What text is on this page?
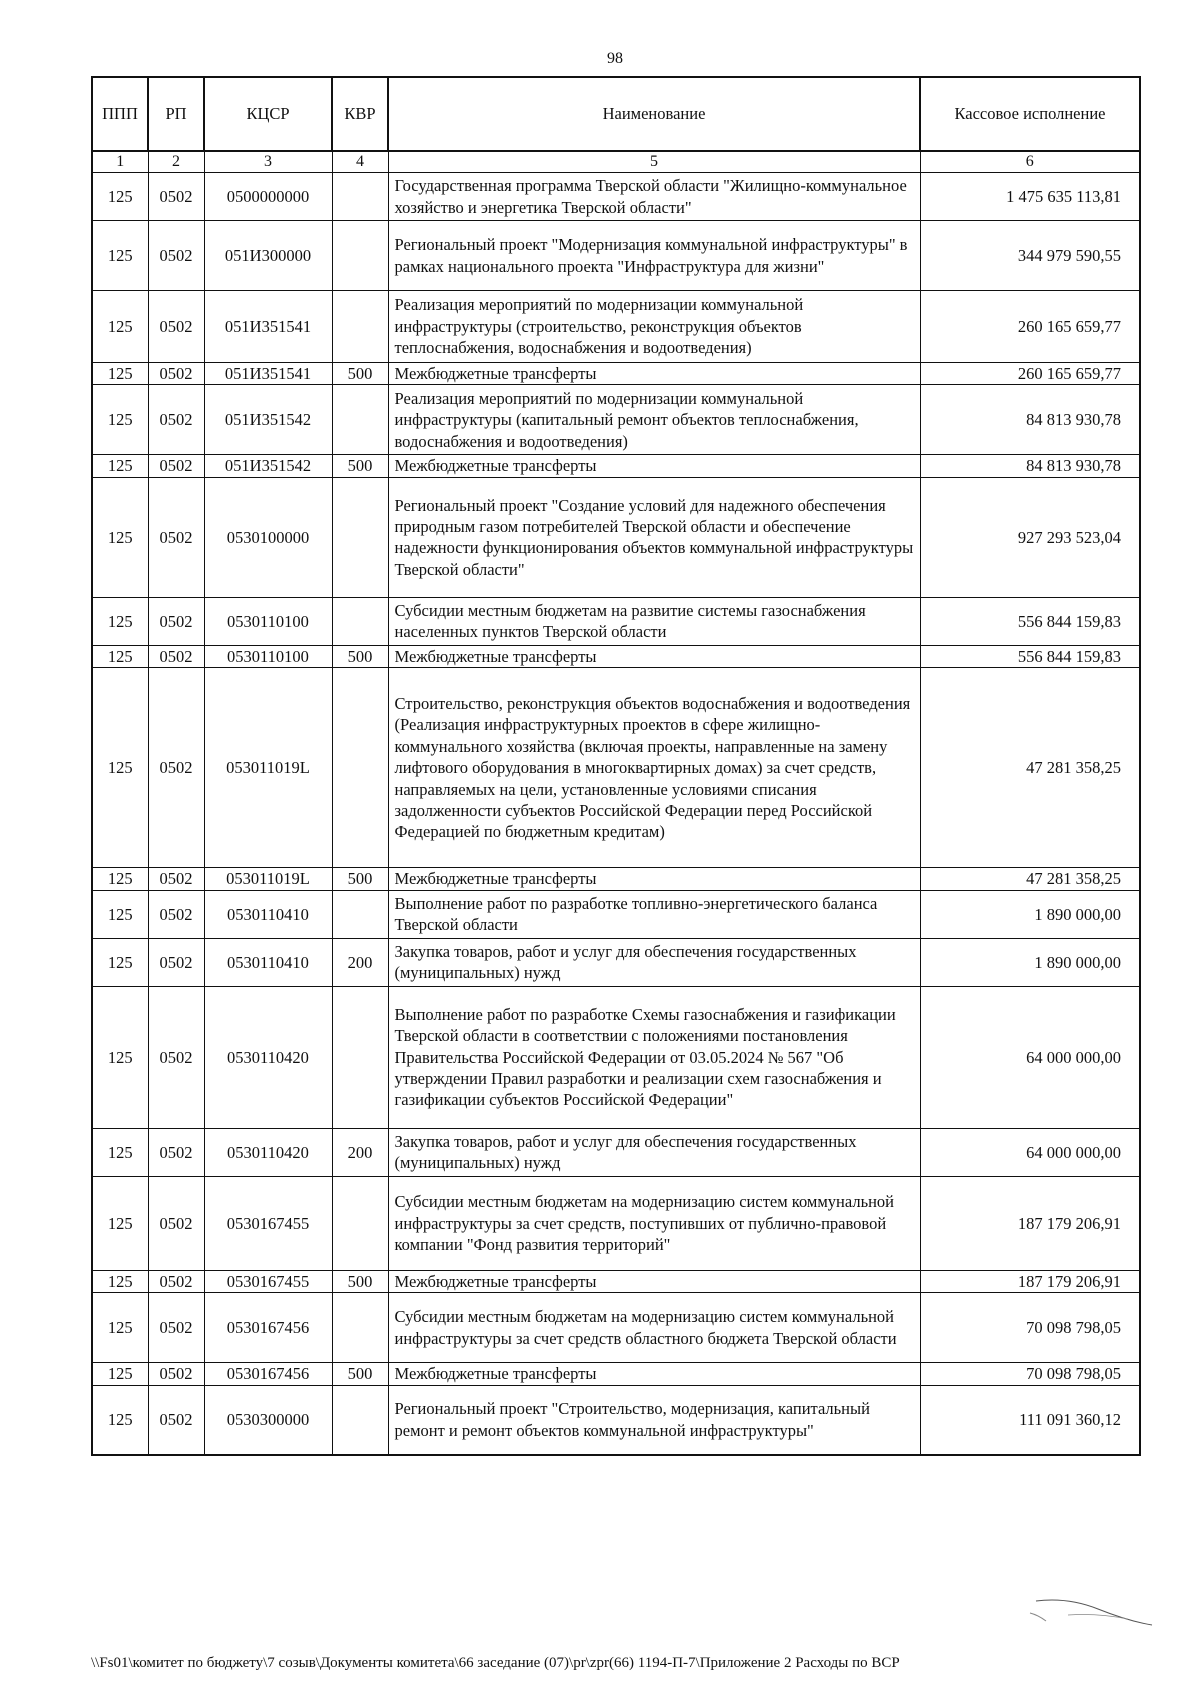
98
ППП	РП	КЦСР	КВР	Наименование	Кассовое исполнение
1	2	3	4	5	6
125	0502	0500000000		Государственная программа Тверской области "Жилищно-коммунальное хозяйство и энергетика Тверской области"	1 475 635 113,81
125	0502	051И300000		Региональный проект "Модернизация коммунальной инфраструктуры" в рамках национального проекта "Инфраструктура для жизни"	344 979 590,55
125	0502	051И351541		Реализация мероприятий по модернизации коммунальной инфраструктуры (строительство, реконструкция объектов теплоснабжения, водоснабжения и водоотведения)	260 165 659,77
125	0502	051И351541	500	Межбюджетные трансферты	260 165 659,77
125	0502	051И351542		Реализация мероприятий по модернизации коммунальной инфраструктуры (капитальный ремонт объектов теплоснабжения, водоснабжения и водоотведения)	84 813 930,78
125	0502	051И351542	500	Межбюджетные трансферты	84 813 930,78
125	0502	0530100000		Региональный проект "Создание условий для надежного обеспечения природным газом потребителей Тверской области и обеспечение надежности функционирования объектов коммунальной инфраструктуры Тверской области"	927 293 523,04
125	0502	0530110100		Субсидии местным бюджетам на развитие системы газоснабжения населенных пунктов Тверской области	556 844 159,83
125	0502	0530110100	500	Межбюджетные трансферты	556 844 159,83
125	0502	053011019L		Строительство, реконструкция объектов водоснабжения и водоотведения (Реализация инфраструктурных проектов в сфере жилищно-коммунального хозяйства (включая проекты, направленные на замену лифтового оборудования в многоквартирных домах) за счет средств, направляемых на цели, установленные условиями списания задолженности субъектов Российской Федерации перед Российской Федерацией по бюджетным кредитам)	47 281 358,25
125	0502	053011019L	500	Межбюджетные трансферты	47 281 358,25
125	0502	0530110410		Выполнение работ по разработке топливно-энергетического баланса Тверской области	1 890 000,00
125	0502	0530110410	200	Закупка товаров, работ и услуг для обеспечения государственных (муниципальных) нужд	1 890 000,00
125	0502	0530110420		Выполнение работ по разработке Схемы газоснабжения и газификации Тверской области в соответствии с положениями постановления Правительства Российской Федерации от 03.05.2024 № 567 "Об утверждении Правил разработки и реализации схем газоснабжения и газификации субъектов Российской Федерации"	64 000 000,00
125	0502	0530110420	200	Закупка товаров, работ и услуг для обеспечения государственных (муниципальных) нужд	64 000 000,00
125	0502	0530167455		Субсидии местным бюджетам на модернизацию систем коммунальной инфраструктуры за счет средств, поступивших от публично-правовой компании "Фонд развития территорий"	187 179 206,91
125	0502	0530167455	500	Межбюджетные трансферты	187 179 206,91
125	0502	0530167456		Субсидии местным бюджетам на модернизацию систем коммунальной инфраструктуры за счет средств областного бюджета Тверской области	70 098 798,05
125	0502	0530167456	500	Межбюджетные трансферты	70 098 798,05
125	0502	0530300000		Региональный проект "Строительство, модернизация, капитальный ремонт и ремонт объектов коммунальной инфраструктуры"	111 091 360,12
\\Fs01\комитет по бюджету\7 созыв\Документы комитета\66 заседание (07)\pr\zpr(66) 1194-П-7\Приложение 2 Расходы по ВСР
